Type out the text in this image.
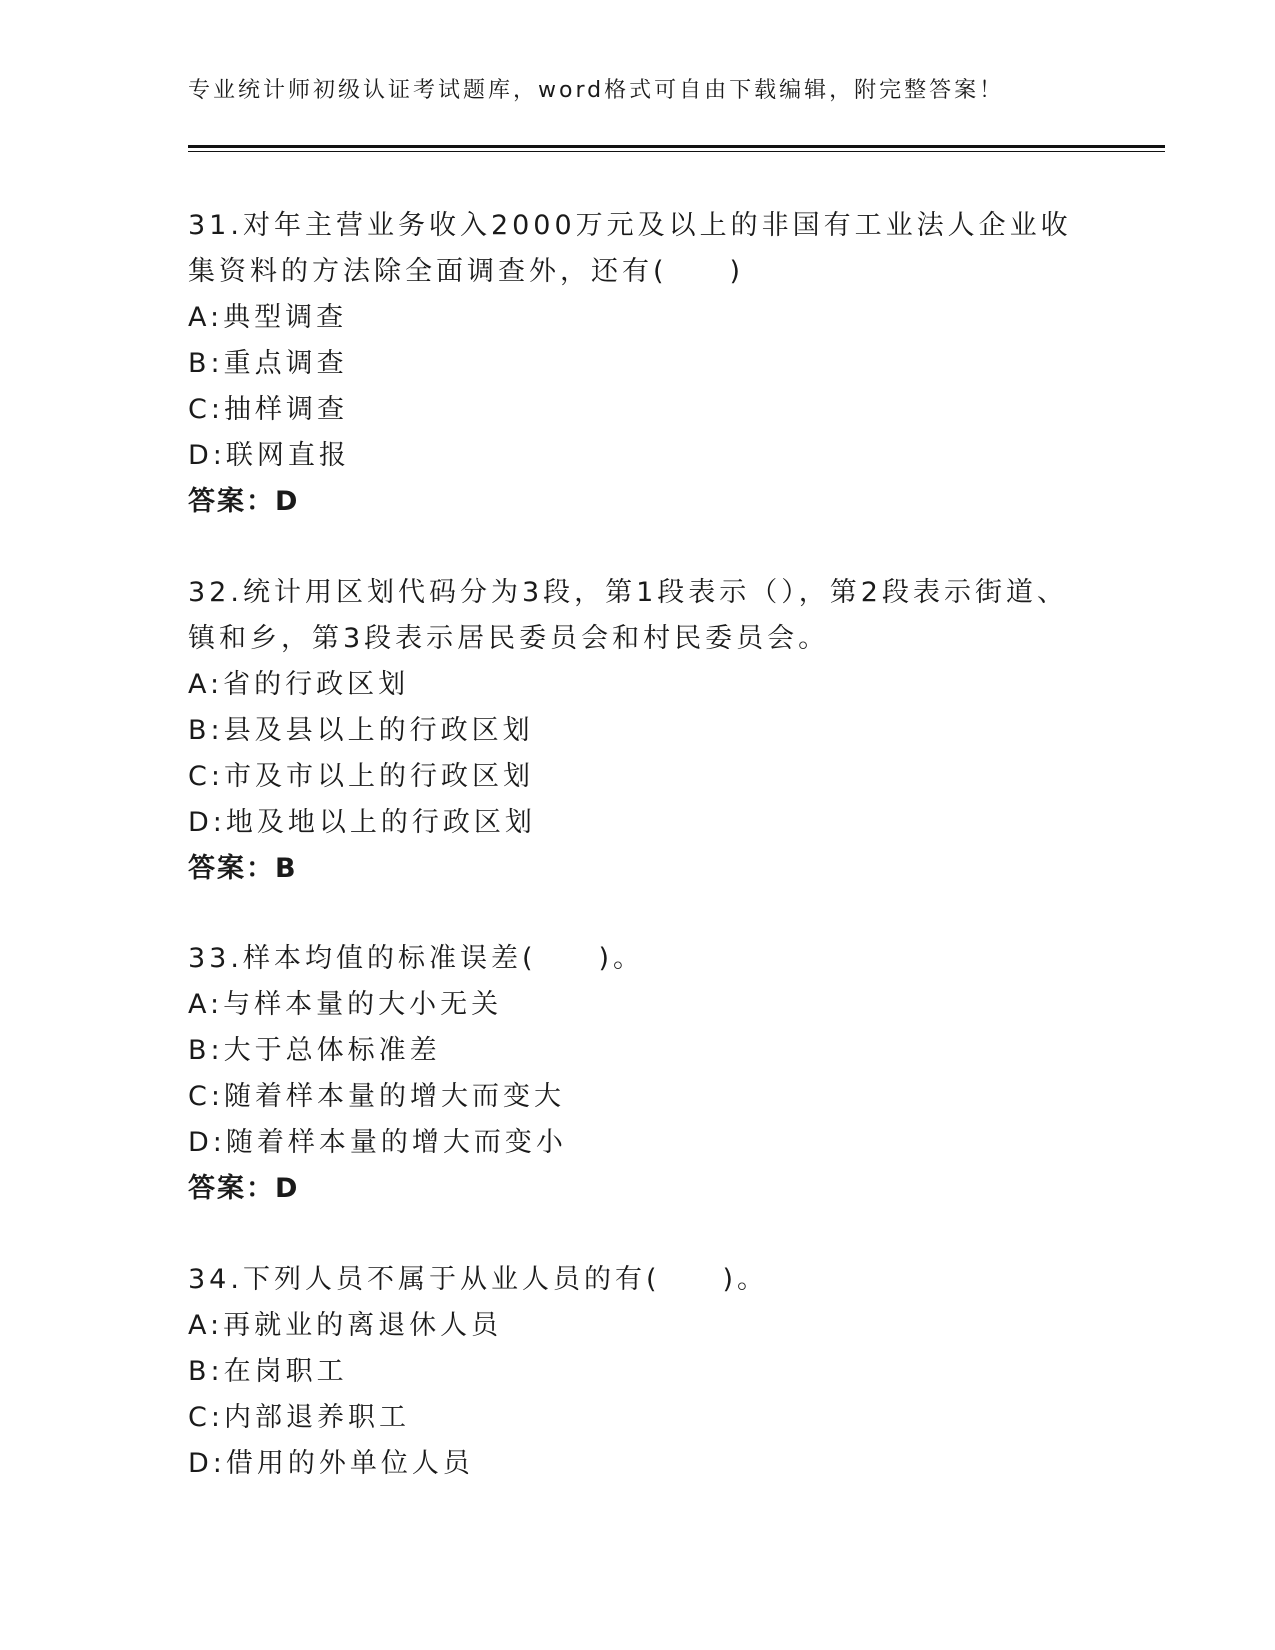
专业统计师初级认证考试题库，word格式可自由下载编辑，附完整答案！

31.对年主营业务收入2000万元及以上的非国有工业法人企业收集资料的方法除全面调查外，还有(　　)

A:典型调查
B:重点调查
C:抽样调查
D:联网直报
答案：D

32.统计用区划代码分为3段，第1段表示（），第2段表示街道、镇和乡，第3段表示居民委员会和村民委员会。

A:省的行政区划
B:县及县以上的行政区划
C:市及市以上的行政区划
D:地及地以上的行政区划
答案：B

33.样本均值的标准误差(　　)。

A:与样本量的大小无关
B:大于总体标准差
C:随着样本量的增大而变大
D:随着样本量的增大而变小
答案：D

34.下列人员不属于从业人员的有(　　)。

A:再就业的离退休人员
B:在岗职工
C:内部退养职工
D:借用的外单位人员
